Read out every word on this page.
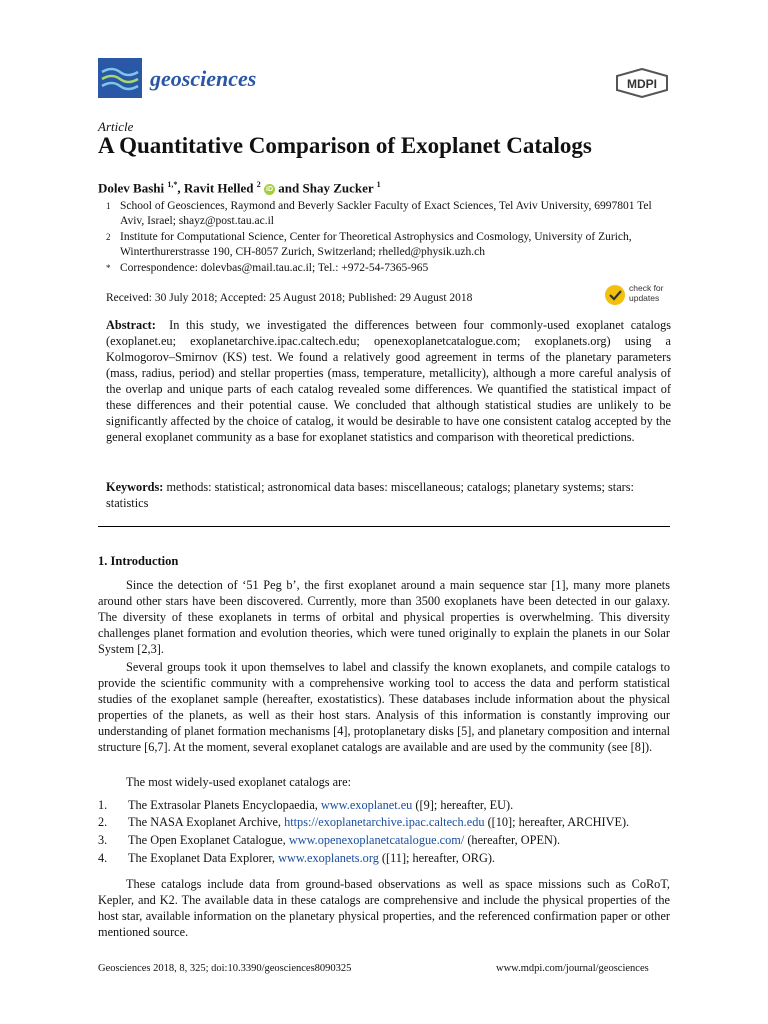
geosciences	MDPI
Article
A Quantitative Comparison of Exoplanet Catalogs
Dolev Bashi $^{1,*}$, Ravit Helled $^2$ iD and Shay Zucker $^1$
1 School of Geosciences, Raymond and Beverly Sackler Faculty of Exact Sciences, Tel Aviv University, 6997801 Tel Aviv, Israel; shayz@post.tau.ac.il
2 Institute for Computational Science, Center for Theoretical Astrophysics and Cosmology, University of Zurich, Winterthurerstrasse 190, CH-8057 Zurich, Switzerland; rhelled@physik.uzh.ch
* Correspondence: dolevbas@mail.tau.ac.il; Tel.: +972-54-7365-965
Received: 30 July 2018; Accepted: 25 August 2018; Published: 29 August 2018
check for updates
Abstract: In this study, we investigated the differences between four commonly-used exoplanet catalogs (exoplanet.eu; exoplanetarchive.ipac.caltech.edu; openexoplanetcatalogue.com; exoplanets.org) using a Kolmogorov–Smirnov (KS) test. We found a relatively good agreement in terms of the planetary parameters (mass, radius, period) and stellar properties (mass, temperature, metallicity), although a more careful analysis of the overlap and unique parts of each catalog revealed some differences. We quantified the statistical impact of these differences and their potential cause. We concluded that although statistical studies are unlikely to be significantly affected by the choice of catalog, it would be desirable to have one consistent catalog accepted by the general exoplanet community as a base for exoplanet statistics and comparison with theoretical predictions.
Keywords: methods: statistical; astronomical data bases: miscellaneous; catalogs; planetary systems; stars: statistics
1. Introduction
Since the detection of ‘51 Peg b’, the first exoplanet around a main sequence star [1], many more planets around other stars have been discovered. Currently, more than 3500 exoplanets have been detected in our galaxy. The diversity of these exoplanets in terms of orbital and physical properties is overwhelming. This diversity challenges planet formation and evolution theories, which were tuned originally to explain the planets in our Solar System [2,3].
Several groups took it upon themselves to label and classify the known exoplanets, and compile catalogs to provide the scientific community with a comprehensive working tool to access the data and perform statistical studies of the exoplanet sample (hereafter, exostatistics). These databases include information about the physical properties of the planets, as well as their host stars. Analysis of this information is constantly improving our understanding of planet formation mechanisms [4], protoplanetary disks [5], and planetary composition and internal structure [6,7]. At the moment, several exoplanet catalogs are available and are used by the community (see [8]).
The most widely-used exoplanet catalogs are:
1. The Extrasolar Planets Encyclopaedia, www.exoplanet.eu ([9]; hereafter, EU).
2. The NASA Exoplanet Archive, https://exoplanetarchive.ipac.caltech.edu ([10]; hereafter, ARCHIVE).
3. The Open Exoplanet Catalogue, www.openexoplanetcatalogue.com/ (hereafter, OPEN).
4. The Exoplanet Data Explorer, www.exoplanets.org ([11]; hereafter, ORG).
These catalogs include data from ground-based observations as well as space missions such as CoRoT, Kepler, and K2. The available data in these catalogs are comprehensive and include the physical properties of the host star, available information on the planetary physical properties, and the referenced confirmation paper or other mentioned source.
Geosciences 2018, 8, 325; doi:10.3390/geosciences8090325	www.mdpi.com/journal/geosciences
